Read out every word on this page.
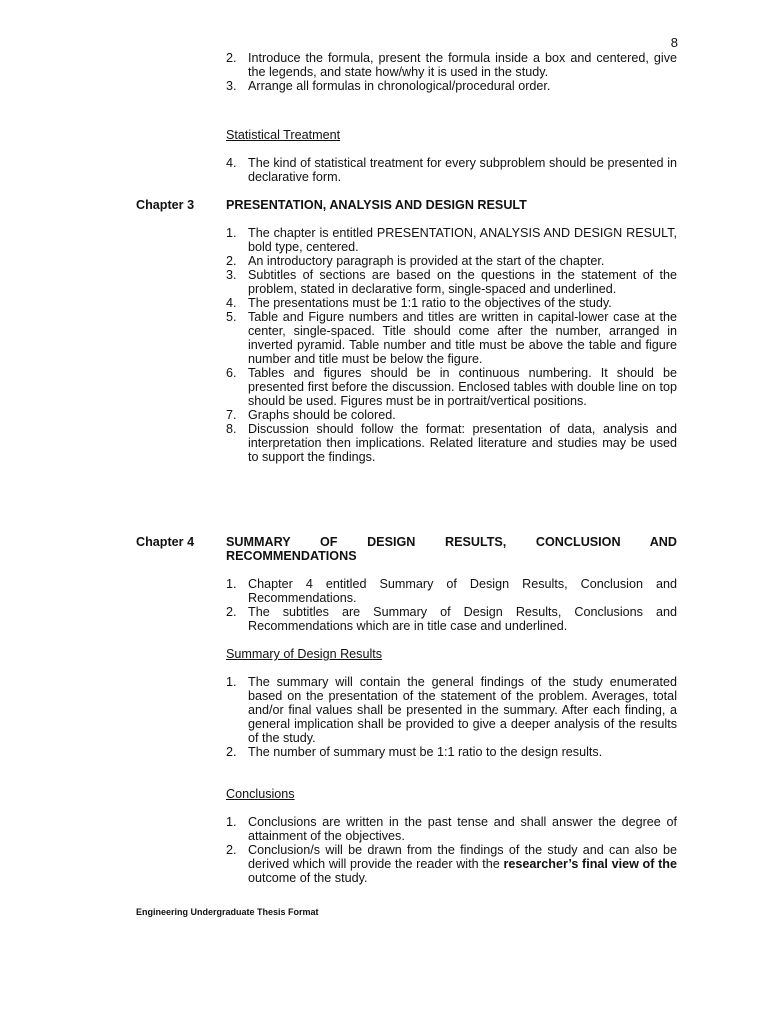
8
2. Introduce the formula, present the formula inside a box and centered, give the legends, and state how/why it is used in the study.
3. Arrange all formulas in chronological/procedural order.
Statistical Treatment
4. The kind of statistical treatment for every subproblem should be presented in declarative form.
Chapter 3	PRESENTATION, ANALYSIS AND DESIGN RESULT
1. The chapter is entitled PRESENTATION, ANALYSIS AND DESIGN RESULT, bold type, centered.
2. An introductory paragraph is provided at the start of the chapter.
3. Subtitles of sections are based on the questions in the statement of the problem, stated in declarative form, single-spaced and underlined.
4. The presentations must be 1:1 ratio to the objectives of the study.
5. Table and Figure numbers and titles are written in capital-lower case at the center, single-spaced. Title should come after the number, arranged in inverted pyramid. Table number and title must be above the table and figure number and title must be below the figure.
6. Tables and figures should be in continuous numbering. It should be presented first before the discussion. Enclosed tables with double line on top should be used. Figures must be in portrait/vertical positions.
7. Graphs should be colored.
8. Discussion should follow the format: presentation of data, analysis and interpretation then implications. Related literature and studies may be used to support the findings.
Chapter 4	SUMMARY OF DESIGN RESULTS, CONCLUSION AND
RECOMMENDATIONS
1. Chapter 4 entitled Summary of Design Results, Conclusion and Recommendations.
2. The subtitles are Summary of Design Results, Conclusions and Recommendations which are in title case and underlined.
Summary of Design Results
1. The summary will contain the general findings of the study enumerated based on the presentation of the statement of the problem. Averages, total and/or final values shall be presented in the summary. After each finding, a general implication shall be provided to give a deeper analysis of the results of the study.
2. The number of summary must be 1:1 ratio to the design results.
Conclusions
1. Conclusions are written in the past tense and shall answer the degree of attainment of the objectives.
2. Conclusion/s will be drawn from the findings of the study and can also be derived which will provide the reader with the researcher’s final view of the outcome of the study.
Engineering Undergraduate Thesis Format
